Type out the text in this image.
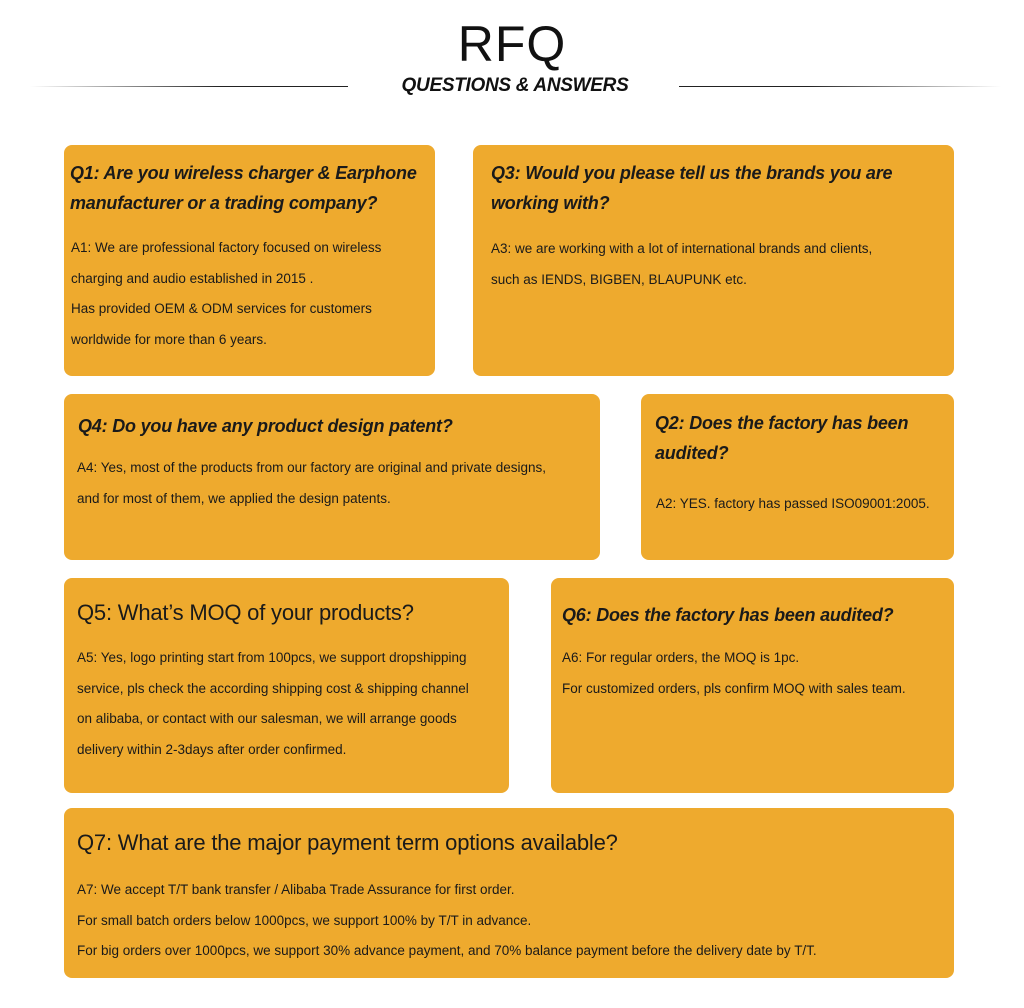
RFQ
QUESTIONS & ANSWERS

Q1: Are you wireless charger & Earphone manufacturer or a trading company?

A1: We are professional factory focused on wireless
charging and audio established in 2015 .
Has provided OEM & ODM services for customers
worldwide for more than 6 years.

Q3: Would you please tell us the brands you are working with?

A3: we are working with a lot of international brands and clients,
such as IENDS, BIGBEN, BLAUPUNK etc.

Q4: Do you have any product design patent?

A4: Yes, most of the products from our factory are original and private designs,
and for most of them, we applied the design patents.

Q2: Does the factory has been audited?

A2: YES. factory has passed ISO09001:2005.

Q5: What’s MOQ of your products?

A5: Yes, logo printing start from 100pcs, we support dropshipping
service, pls check the according shipping cost & shipping channel
on alibaba, or contact with our salesman, we will arrange goods
delivery within 2-3days after order confirmed.

Q6: Does the factory has been audited?

A6: For regular orders, the MOQ is 1pc.
For customized orders, pls confirm MOQ with sales team.

Q7: What are the major payment term options available?

A7: We accept T/T bank transfer / Alibaba Trade Assurance for first order.
For small batch orders below 1000pcs, we support 100% by T/T in advance.
For big orders over 1000pcs, we support 30% advance payment, and 70% balance payment before the delivery date by T/T.
